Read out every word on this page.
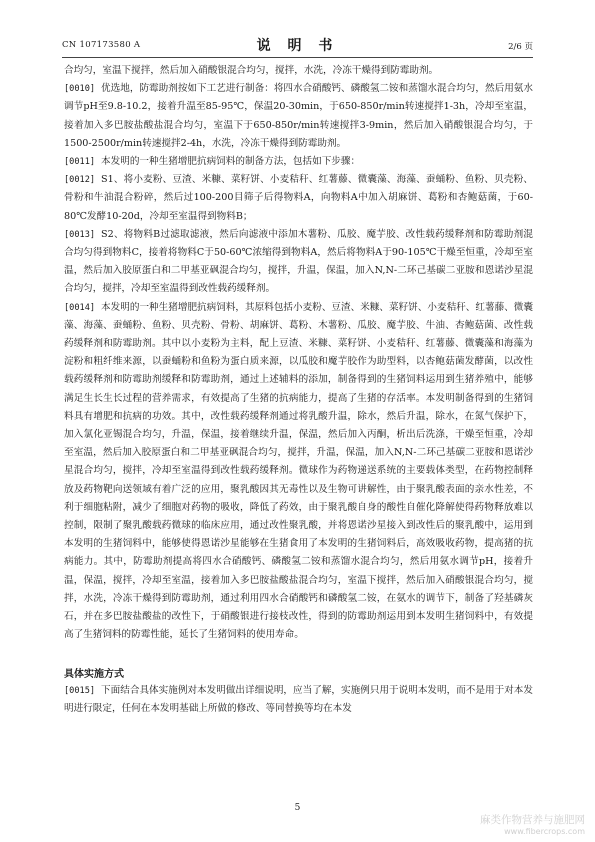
CN 107173580 A	说 明 书	2/6 页

合均匀，室温下搅拌，然后加入硝酸银混合均匀，搅拌，水洗，冷冻干燥得到防霉助剂。

[0010] 优选地，防霉助剂按如下工艺进行制备：将四水合硝酸钙、磷酸氢二铵和蒸馏水混合均匀，然后用氨水调节pH至9.8-10.2，接着升温至85-95℃，保温20-30min，于650-850r/min转速搅拌1-3h，冷却至室温，接着加入多巴胺盐酸盐混合均匀，室温下于650-850r/min转速搅拌3-9min，然后加入硝酸银混合均匀，于1500-2500r/min转速搅拌2-4h，水洗，冷冻干燥得到防霉助剂。

[0011] 本发明的一种生猪增肥抗病饲料的制备方法，包括如下步骤：

[0012] S1、将小麦粉、豆渣、米糠、菜籽饼、小麦秸秆、红薯藤、微囊藻、海藻、蚕蛹粉、鱼粉、贝壳粉、骨粉和牛油混合粉碎，然后过100-200目筛子后得物料A，向物料A中加入胡麻饼、葛粉和杏鲍菇菌，于60-80℃发酵10-20d，冷却至室温得到物料B；

[0013] S2、将物料B过滤取滤液，然后向滤液中添加木薯粉、瓜胶、魔芋胶、改性载药缓释剂和防霉助剂混合均匀得到物料C，接着将物料C于50-60℃浓缩得到物料A，然后将物料A于90-105℃干燥至恒重，冷却至室温，然后加入胶原蛋白和二甲基亚砜混合均匀，搅拌，升温，保温，加入N,N-二环己基碳二亚胺和恩诺沙星混合均匀，搅拌，冷却至室温得到改性载药缓释剂。

[0014] 本发明的一种生猪增肥抗病饲料，其原料包括小麦粉、豆渣、米糠、菜籽饼、小麦秸秆、红薯藤、微囊藻、海藻、蚕蛹粉、鱼粉、贝壳粉、骨粉、胡麻饼、葛粉、木薯粉、瓜胶、魔芋胶、牛油、杏鲍菇菌、改性载药缓释剂和防霉助剂。其中以小麦粉为主料，配上豆渣、米糠、菜籽饼、小麦秸秆、红薯藤、微囊藻和海藻为淀粉和粗纤维来源，以蚕蛹粉和鱼粉为蛋白质来源，以瓜胶和魔芋胶作为助型料，以杏鲍菇菌发酵菌，以改性载药缓释剂和防霉助剂缓释和防霉助剂，通过上述辅料的添加，制备得到的生猪饲料运用到生猪养殖中，能够满足生长生长过程的营养需求，有效提高了生猪的抗病能力，提高了生猪的存活率。本发明制备得到的生猪饲料具有增肥和抗病的功效。其中，改性载药缓释剂通过将乳酸升温，除水，然后升温，除水，在氮气保护下，加入氯化亚锡混合均匀，升温，保温，接着继续升温，保温，然后加入丙酮，析出后洗涤，干燥至恒重，冷却至室温，然后加入胶原蛋白和二甲基亚砜混合均匀，搅拌，升温，保温，加入N,N-二环己基碳二亚胺和恩诺沙星混合均匀，搅拌，冷却至室温得到改性载药缓释剂。微球作为药物递送系统的主要载体类型，在药物控制释放及药物靶向送领域有着广泛的应用，聚乳酸因其无毒性以及生物可讲解性，由于聚乳酸表面的亲水性差，不利于细胞粘附，减少了细胞对药物的吸收，降低了药效，由于聚乳酸自身的酸性自催化降解使得药物释放难以控制，限制了聚乳酸载药微球的临床应用，通过改性聚乳酸，并将恩诺沙星接入到改性后的聚乳酸中，运用到本发明的生猪饲料中，能够使得恩诺沙星能够在生猪食用了本发明的生猪饲料后，高效吸收药物，提高猪的抗病能力。其中，防霉助剂提高将四水合硝酸钙、磷酸氢二铵和蒸馏水混合均匀，然后用氨水调节pH，接着升温，保温，搅拌，冷却至室温，接着加入多巴胺盐酸盐混合均匀，室温下搅拌，然后加入硝酸银混合均匀，搅拌，水洗，冷冻干燥得到防霉助剂，通过利用四水合硝酸钙和磷酸氢二铵，在氨水的调节下，制备了羟基磷灰石，并在多巴胺盐酸盐的改性下，于硝酸银进行接枝改性，得到的防霉助剂运用到本发明生猪饲料中，有效提高了生猪饲料的防霉性能，延长了生猪饲料的使用寿命。

具体实施方式

[0015] 下面结合具体实施例对本发明做出详细说明，应当了解，实施例只用于说明本发明，而不是用于对本发明进行限定，任何在本发明基础上所做的修改、等同替换等均在本发

5
麻类作物营养与施肥网
www.fibercrops.com
